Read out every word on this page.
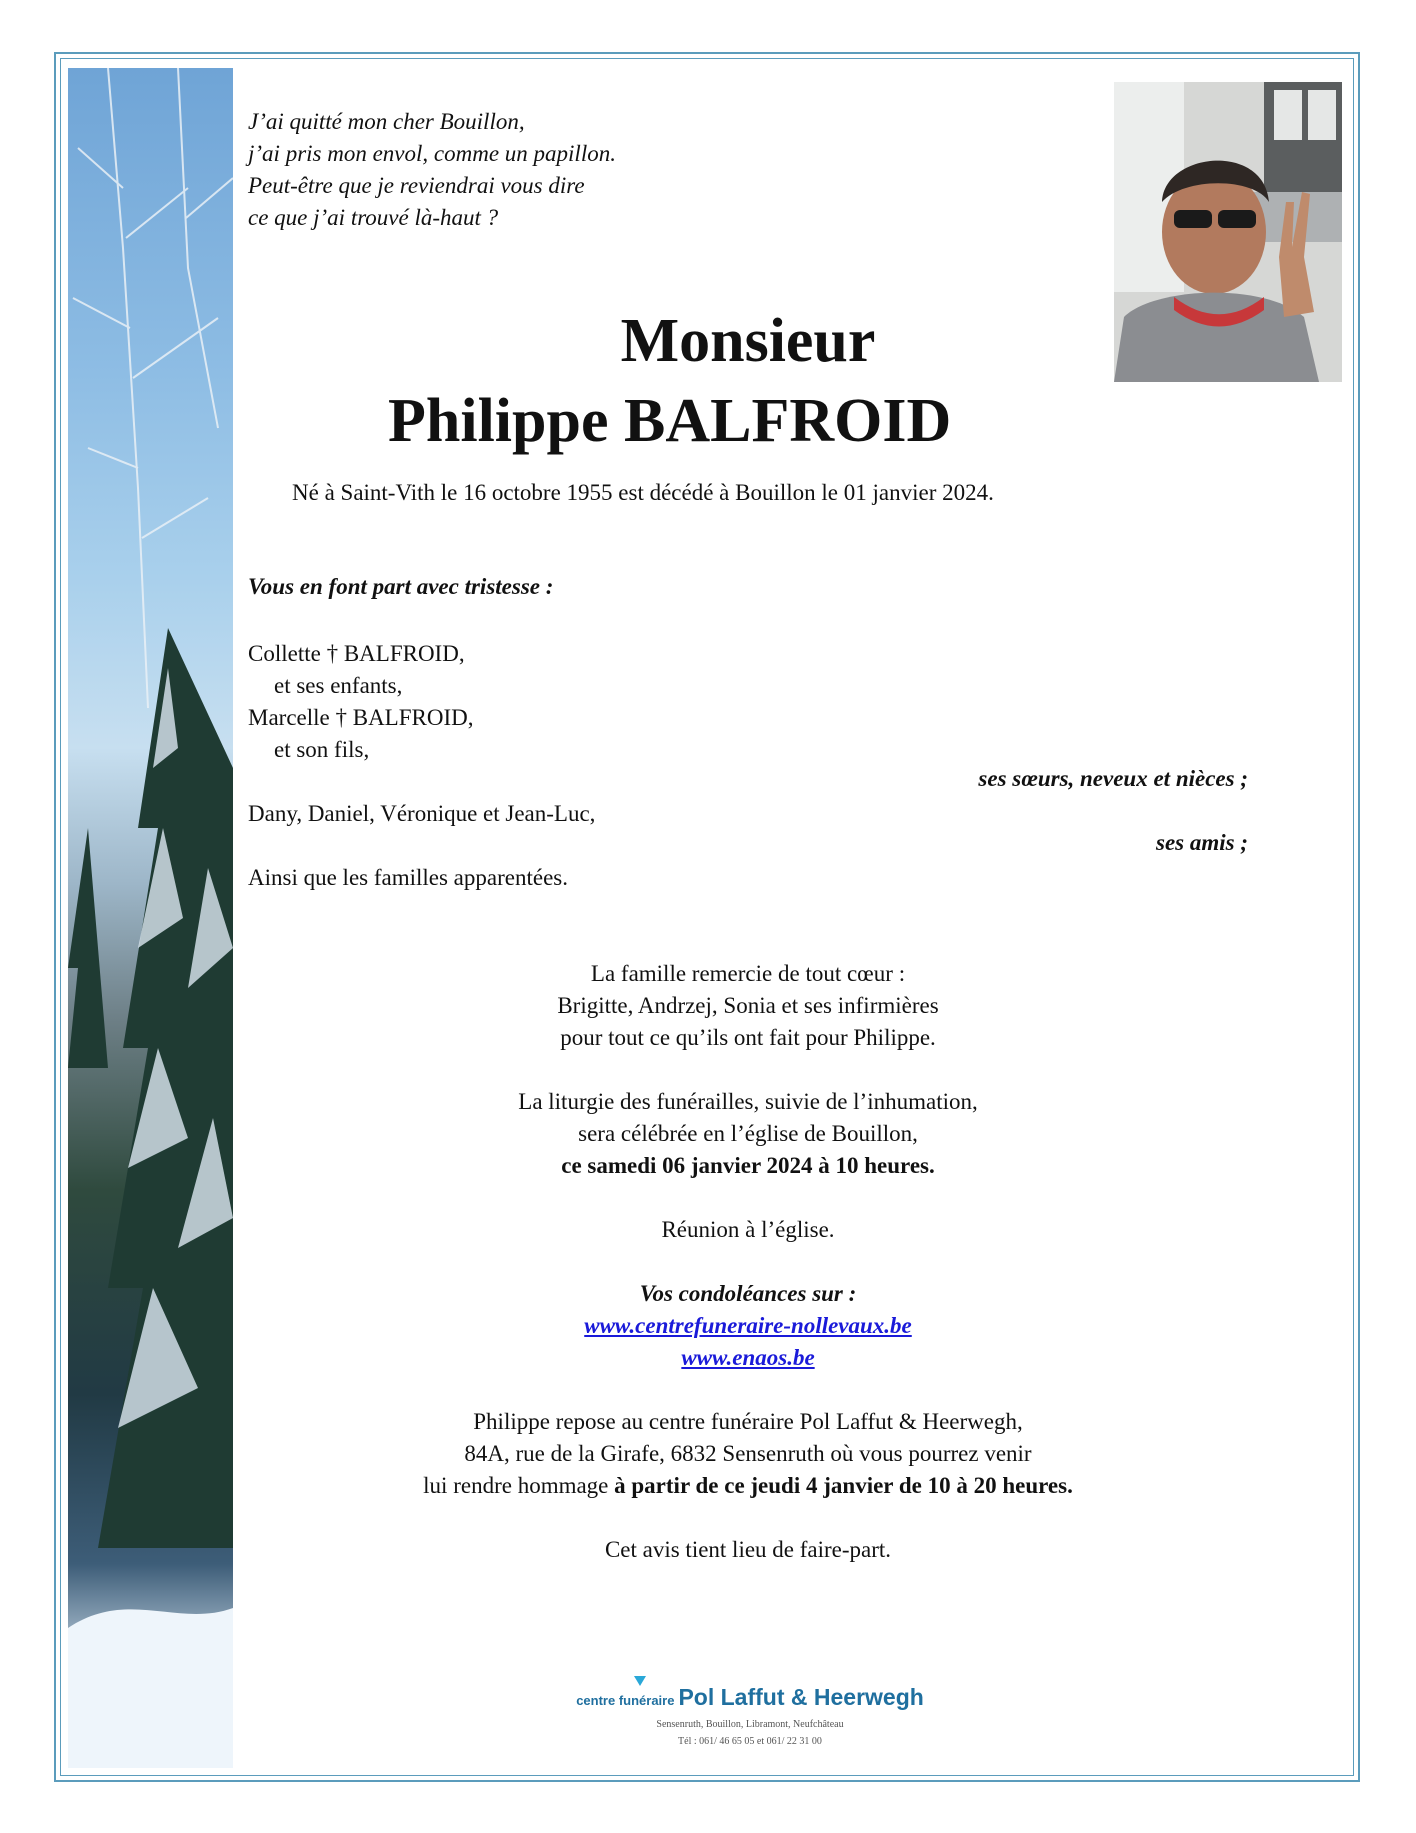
J’ai quitté mon cher Bouillon,
j’ai pris mon envol, comme un papillon.
Peut-être que je reviendrai vous dire
ce que j’ai trouvé là-haut ?
Monsieur
Philippe BALFROID
Né à Saint-Vith le 16 octobre 1955 est décédé à Bouillon le 01 janvier 2024.
Vous en font part avec tristesse :
Collette † BALFROID,
et ses enfants,
Marcelle † BALFROID,
et son fils,
Dany, Daniel, Véronique et Jean-Luc,
Ainsi que les familles apparentées.
ses sœurs, neveux et nièces ;
ses amis ;
La famille remercie de tout cœur :
Brigitte, Andrzej, Sonia et ses infirmières
pour tout ce qu’ils ont fait pour Philippe.
La liturgie des funérailles, suivie de l’inhumation,
sera célébrée en l’église de Bouillon,
ce samedi 06 janvier 2024 à 10 heures.
Réunion à l’église.
Vos condoléances sur :
www.centrefuneraire-nollevaux.be
www.enaos.be
Philippe repose au centre funéraire Pol Laffut & Heerwegh,
84A, rue de la Girafe, 6832 Sensenruth où vous pourrez venir
lui rendre hommage à partir de ce jeudi 4 janvier de 10 à 20 heures.
Cet avis tient lieu de faire-part.
centre funéraire Pol Laffut & Heerwegh
Sensenruth, Bouillon, Libramont, Neufchâteau
Tél : 061/ 46 65 05 et 061/ 22 31 00
